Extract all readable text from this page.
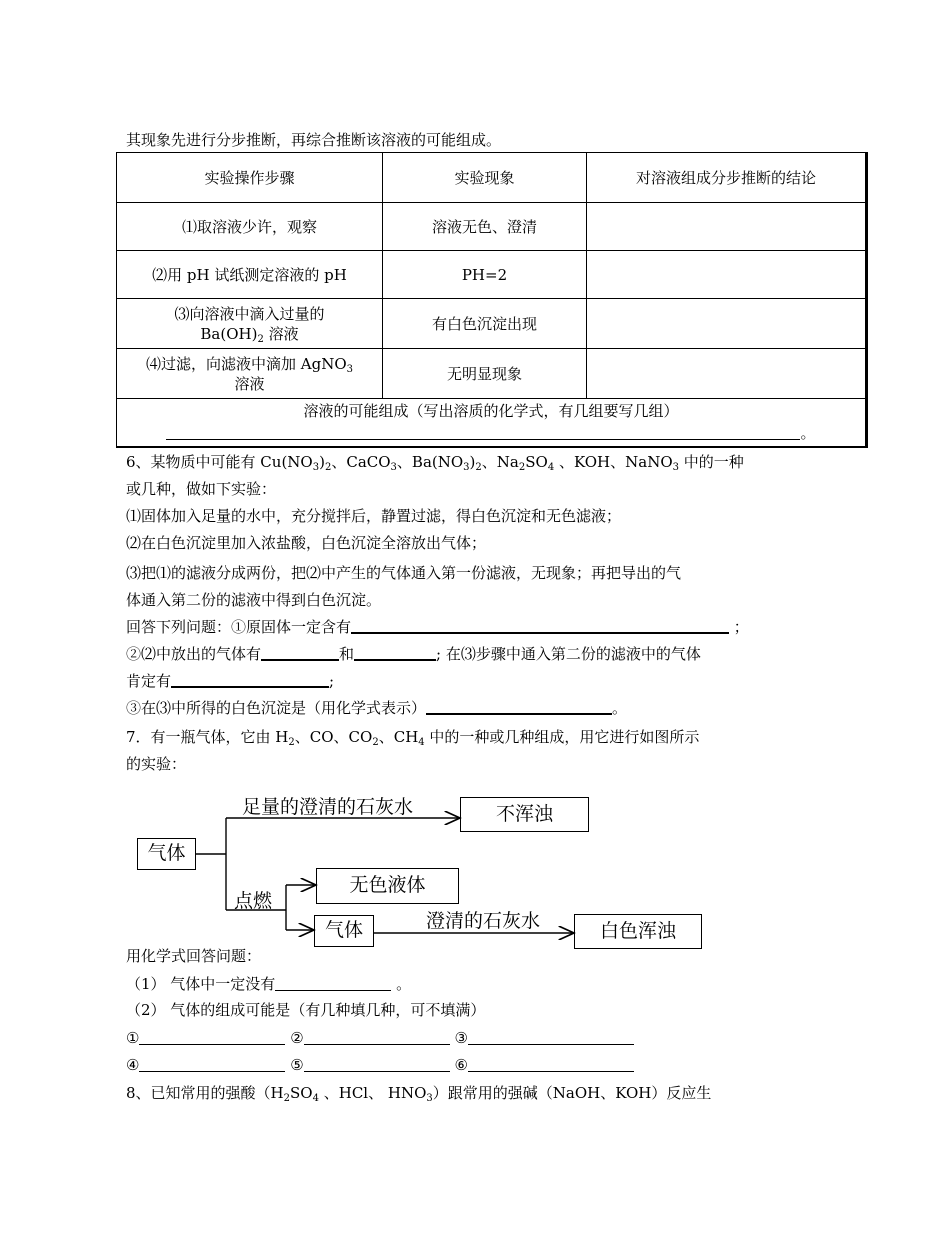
其现象先进行分步推断，再综合推断该溶液的可能组成。
实验操作步骤	实验现象	对溶液组成分步推断的结论
⑴取溶液少许，观察	溶液无色、澄清	
⑵用 pH 试纸测定溶液的 pH	PH=2	
⑶向溶液中滴入过量的
$Ba(OH)_2$ 溶液	有白色沉淀出现	
⑷过滤，向滤液中滴加 AgNO$_3$
溶液	无明显现象	

溶液的可能组成（写出溶质的化学式，有几组要写几组）
。		
6、某物质中可能有 $Cu(NO_3)_2$、CaCO$_3$、$Ba(NO_3)_2$、$Na_2SO_4$ 、KOH、NaNO$_3$ 中的一种
或几种，做如下实验：
⑴固体加入足量的水中，充分搅拌后，静置过滤，得白色沉淀和无色滤液；
⑵在白色沉淀里加入浓盐酸，白色沉淀全溶放出气体；
⑶把⑴的滤液分成两份，把⑵中产生的气体通入第一份滤液，无现象；再把导出的气
体通入第二份的滤液中得到白色沉淀。
回答下列问题：①原固体一定含有	；
②⑵中放出的气体有	和	; 在⑶步骤中通入第二份的滤液中的气体
肯定有	;
③在⑶中所得的白色沉淀是（用化学式表示）	。
7．有一瓶气体，它由 $H_2$、CO、$CO_2$、$CH_4$ 中的一种或几种组成，用它进行如图所示
的实验：
气体
足量的澄清的石灰水	不浑浊
点燃
无色液体
气体	澄清的石灰水	白色浑浊
用化学式回答问题：
（1） 气体中一定没有	。
（2） 气体的组成可能是（有几种填几种，可不填满）
①	②	③
④	⑤	⑥
8、已知常用的强酸（$H_2SO_4$ 、HCl、 $HNO_3$）跟常用的强碱（NaOH、KOH）反应生
